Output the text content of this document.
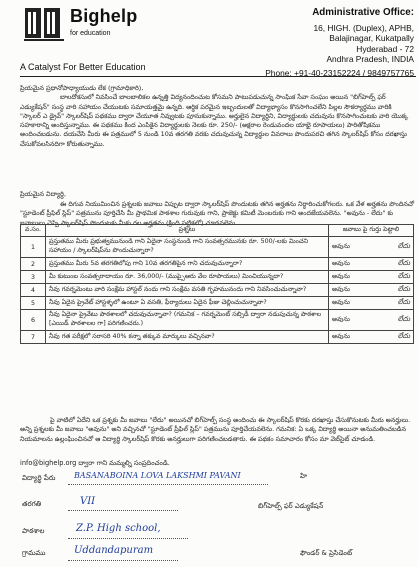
Bighelp
for education
A Catalyst For Better Education
Administrative Office:
16, HIGH. (Duplex), APHB,
Balajinagar, Kukatpally
Hyderabad - 72
Andhra Pradesh, INDIA
Phone: +91-40-23152224 / 9849757765
ప్రియమైన ప్రధానోపాధ్యాయుడు లేక (గ్రామాధికారి),
బాలదోకసులో నివసించే బాలబాలికల ఉన్నత్తి విద్యనందించుట కోసమని పాటుపడుచున్న సాంఘిక సేవా సంఘం అయిన "బిగ్‌హెల్ప్ ఫర్ ఎడ్యుకేషన్" సంస్థ వారి సహాయం చేయుటకు సమాయత్తమై ఉన్నది. ఆర్థిక పరమైన ఇబ్బందులతో విద్యాభ్యాసం కొనసాగించలేని పిల్లల సౌకర్యార్థము వారికి "స్కాలర్ ఎ డ్రైవ్" స్కాలర్‌షిప్ పథకము ద్వారా చేయూత నివ్వుటకు పూనుకున్నాము. అర్హులైన విద్యార్థిని, విద్యార్థులకు చదువును కొనసాగించుటకు వారి యొక్క సహకారాన్ని అందిస్తున్నాము. ఈ పథకము కింద ఎంపికైన విద్యార్థులకు నెలకు రూ. 250/- (అక్షరాల రెండువందల యాభై రూపాయలు) పారితోషికము అందించబడును. దయచేసి మీరు ఈ పత్రములో 5 నుండి 10వ తరగతి వరకు చదువుచున్న విద్యార్థుల వివరాలు పొందుపరచి తగిన స్కాలర్‌షిప్ కోసం దరఖాస్తు చేసుకోవలసినదిగా కోరుతున్నాము.
ప్రియమైన విద్యార్థి,
ఈ దిగువ నియుమించిన ప్రశ్నలకు జవాబు విప్పుట ద్వారా స్కాలర్‌షిప్ పొందుటకు తగిన అర్హతను నిర్ధారించుకోగలరు. ఒక వేళ అర్హతను పొందినచో "స్టూడెంట్ ప్రీఫిల్ స్లిప్" పత్రమును పూర్తిచేసి మీ ప్రాథమిక పాఠశాల గురువుకు గాని, ప్రాజెక్టు కమిటీ మెంబరుకు గాని అందజేయవలెను. "అవును - లేదు" కు జవాబులు చెప్పి స్కాలర్‌షిప్ పొందుటకు మీకు గల అర్హతను (క్రింది పట్టికలో) చూడవలెను.
వ.సం.	ప్రశ్నలు	జవాబు పై గుర్తు పెట్టాలి
1	ప్రస్తుతము మీరు ప్రభుత్వమునుండి గాని ఏదైనా సంస్థనుండి గాని సంవత్సరమునకు రూ. 500/-లకు మించని సహాయం / స్కాలర్‌షిప్‌ను పొందుచున్నారా?	అవును లేదు

2	ప్రస్తుతము మీరు 5వ తరగతిలోపు గాని 10వ తరగతిపైన గాని చదువుచున్నారా?	అవును లేదు

3	మీ కుటుంబ సంవత్సరాదాయం రూ. 36,000/- (ముప్పైఆరు వేల రూపాయలు) మించియున్నదా?	అవును లేదు

4	నీవు గవర్నమెంటు వారి సంక్షేమ హాస్టల్ నందు గాని సంక్షేమ వసతి గృహమునందు గాని నివసించుచున్నావా?	అవును లేదు

5	నీవు ఏదైన ప్రైవేట్ హాస్టళ్ళలో ఉంటూ ఏ వసతి, ఫీర్యాదులు ఏదైన ఫీజు చెల్లించుచున్నావా?	అవును లేదు

6	నీవు ఏదైనా ప్రైవేటు పాఠశాలలో చదువుచున్నావా? (గమనిక – గవర్నమెంట్ సబ్సిడీ ద్వారా నడుపుచున్న పాఠశాల [ఎయిడ్ పాఠశాలల గా] పరిగణించరు.)	అవును లేదు

7	నీవు గత పరీక్షలో సరాసరి 40% కన్నా తక్కువ మార్కులు వచ్చినవా?	అవును లేదు
పై వాటిలో ఏదేని ఒక ప్రశ్నకు మీ జవాబు "లేదు" అయినచో బిగ్‌హెల్ప్ సంస్థ అందించు ఈ స్కాలర్‌షిప్ కొరకు దరఖాస్తు చేసుకొనుటకు మీరు అనర్హులు. అన్ని ప్రశ్నలకు మీ జవాబు "అవును" అని వచ్చినచో "స్టూడెంట్ ప్రీఫిల్ స్లిప్" పత్రమును పూర్తిచేయవలెను. గమనిక: ఏ ఒక్క విద్యార్థి అయినా అనుమతించబడిన నియమాలను ఉల్లంఘించినచో ఆ విద్యార్థి స్కాలర్‌షిప్ కొరకు అనర్హులుగా పరిగణించబడతారు. ఈ పథకం సమాచారం కోసం మా వెబ్‌సైట్ చూడండి.
info@bighelp.org ద్వారా గాని మమ్మల్ని సంప్రదించండి.
విద్యార్థి పేరు BASANABOINA LOVA LAKSHMI PAVANI
తరగతి	VII
పాఠశాల	Z.P. High school,
గ్రామము	Uddandapuram
హి
బిగ్‌హెల్ప్ ఫర్ ఎడ్యుకేషన్
ఫౌండర్ & ప్రెసిడెంట్
